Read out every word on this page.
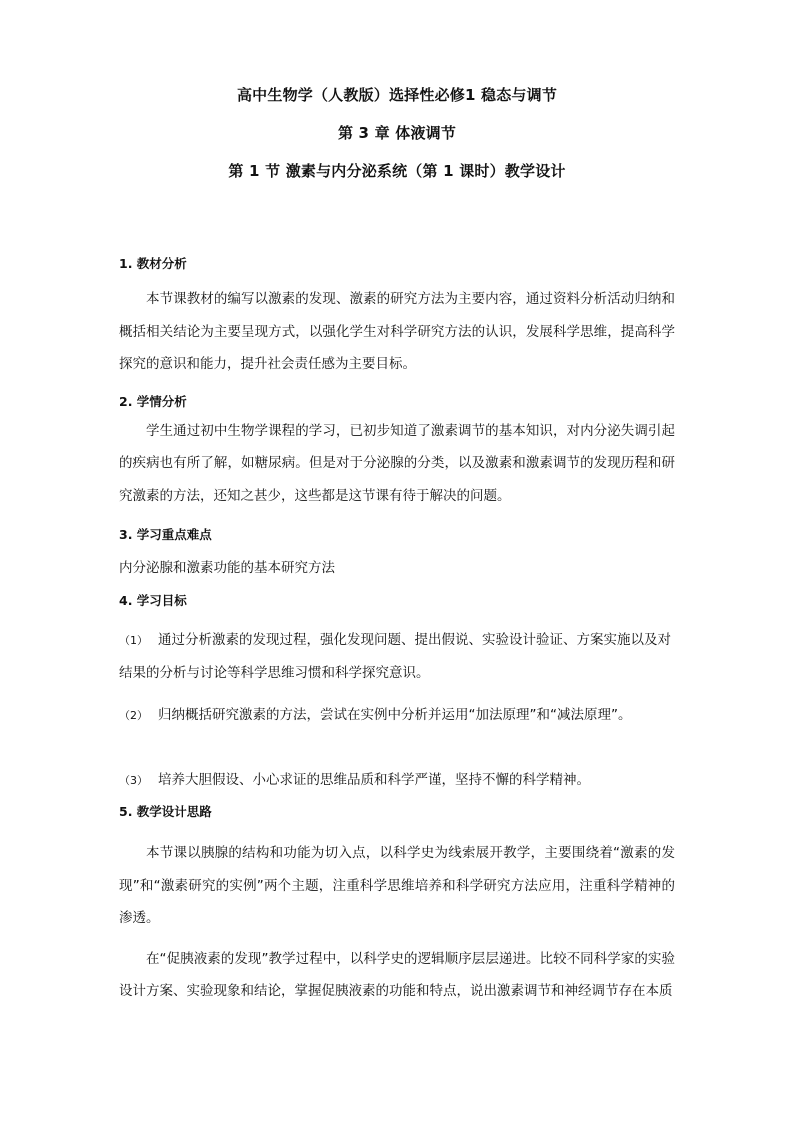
高中生物学（人教版）选择性必修1 稳态与调节
第 3 章 体液调节
第 1 节 激素与内分泌系统（第 1 课时）教学设计
1. 教材分析

本节课教材的编写以激素的发现、激素的研究方法为主要内容，通过资料分析活动归纳和概括相关结论为主要呈现方式，以强化学生对科学研究方法的认识，发展科学思维，提高科学探究的意识和能力，提升社会责任感为主要目标。

2. 学情分析

学生通过初中生物学课程的学习，已初步知道了激素调节的基本知识，对内分泌失调引起的疾病也有所了解，如糖尿病。但是对于分泌腺的分类，以及激素和激素调节的发现历程和研究激素的方法，还知之甚少，这些都是这节课有待于解决的问题。

3. 学习重点难点

内分泌腺和激素功能的基本研究方法

4. 学习目标

（1） 通过分析激素的发现过程，强化发现问题、提出假说、实验设计验证、方案实施以及对结果的分析与讨论等科学思维习惯和科学探究意识。

（2） 归纳概括研究激素的方法，尝试在实例中分析并运用“加法原理”和“减法原理”。

（3） 培养大胆假设、小心求证的思维品质和科学严谨，坚持不懈的科学精神。

5. 教学设计思路

本节课以胰腺的结构和功能为切入点，以科学史为线索展开教学，主要围绕着“激素的发现”和“激素研究的实例”两个主题，注重科学思维培养和科学研究方法应用，注重科学精神的渗透。

在“促胰液素的发现”教学过程中，以科学史的逻辑顺序层层递进。比较不同科学家的实验设计方案、实验现象和结论，掌握促胰液素的功能和特点，说出激素调节和神经调节存在本质
